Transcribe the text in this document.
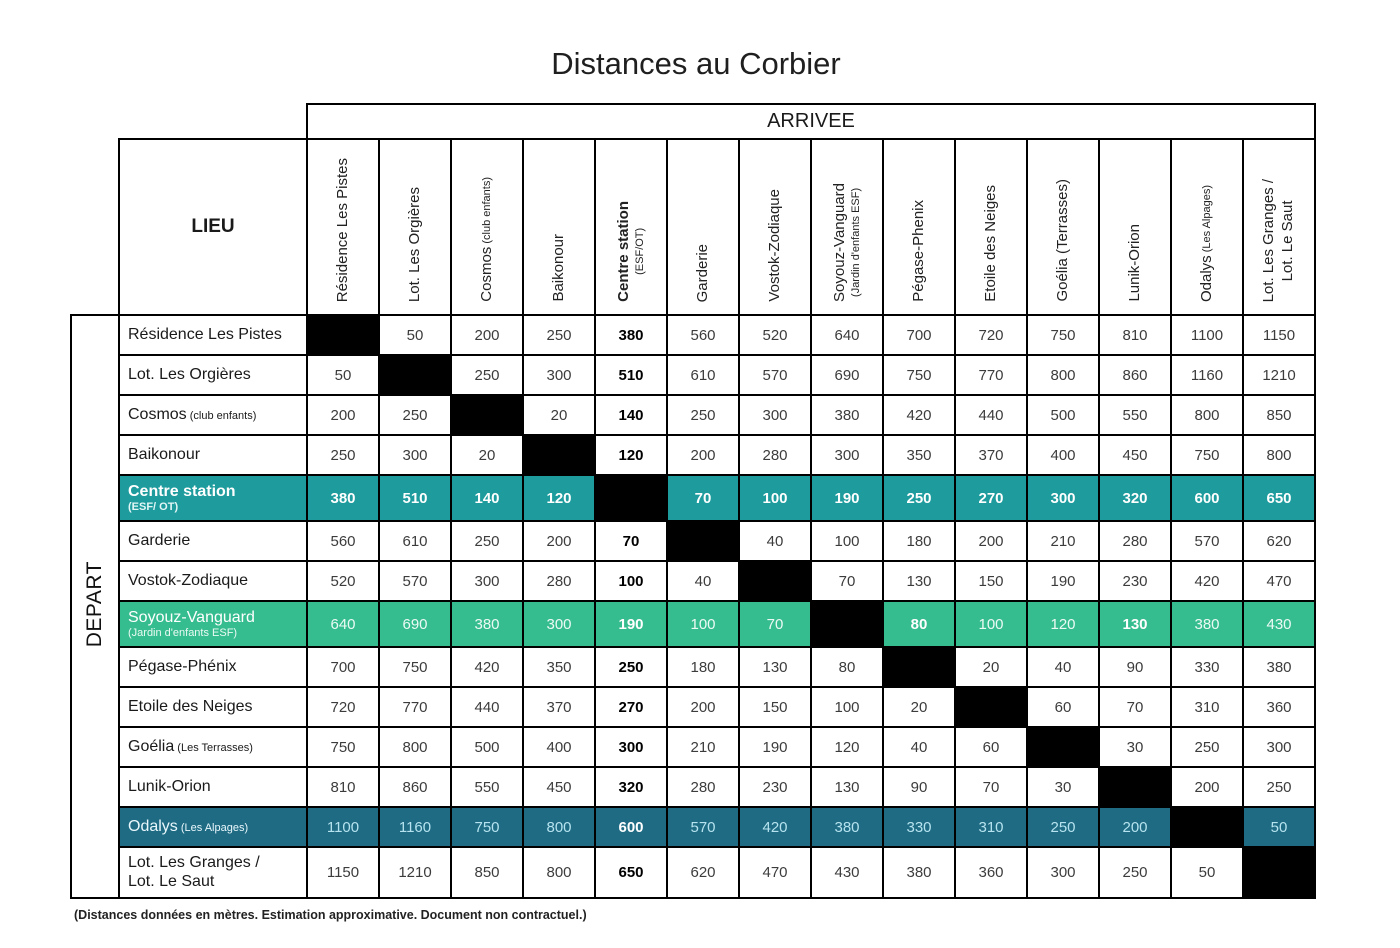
Distances au Corbier
		ARRIVEE													
	LIEU	Résidence Les Pistes	Lot. Les Orgières	Cosmos (club enfants)	Baikonour	Centre station (ESF/OT)	Garderie	Vostok-Zodiaque	Soyouz-Vanguard (Jardin d'enfants ESF)	Pégase-Phenix	Etoile des Neiges	Goélia (Terrasses)	Lunik-Orion	Odalys (Les Alpages)	Lot. Les Granges / Lot. Le Saut

DEPART	Résidence Les Pistes		50	200	250	380	560	520	640	700	720	750	810	1100	1150
	Lot. Les Orgières	50		250	300	510	610	570	690	750	770	800	860	1160	1210
	Cosmos (club enfants)	200	250		20	140	250	300	380	420	440	500	550	800	850
	Baikonour	250	300	20		120	200	280	300	350	370	400	450	750	800
	Centre station
(ESF/ OT)	380	510	140	120		70	100	190	250	270	300	320	600	650
	Garderie	560	610	250	200	70		40	100	180	200	210	280	570	620
	Vostok-Zodiaque	520	570	300	280	100	40		70	130	150	190	230	420	470
	Soyouz-Vanguard
(Jardin d'enfants ESF)	640	690	380	300	190	100	70		80	100	120	130	380	430
	Pégase-Phénix	700	750	420	350	250	180	130	80		20	40	90	330	380
	Etoile des Neiges	720	770	440	370	270	200	150	100	20		60	70	310	360
	Goélia (Les Terrasses)	750	800	500	400	300	210	190	120	40	60		30	250	300
	Lunik-Orion	810	860	550	450	320	280	230	130	90	70	30		200	250
	Odalys (Les Alpages)	1100	1160	750	800	600	570	420	380	330	310	250	200		50
	Lot. Les Granges /
Lot. Le Saut	1150	1210	850	800	650	620	470	430	380	360	300	250	50	
(Distances données en mètres. Estimation approximative. Document non contractuel.)
